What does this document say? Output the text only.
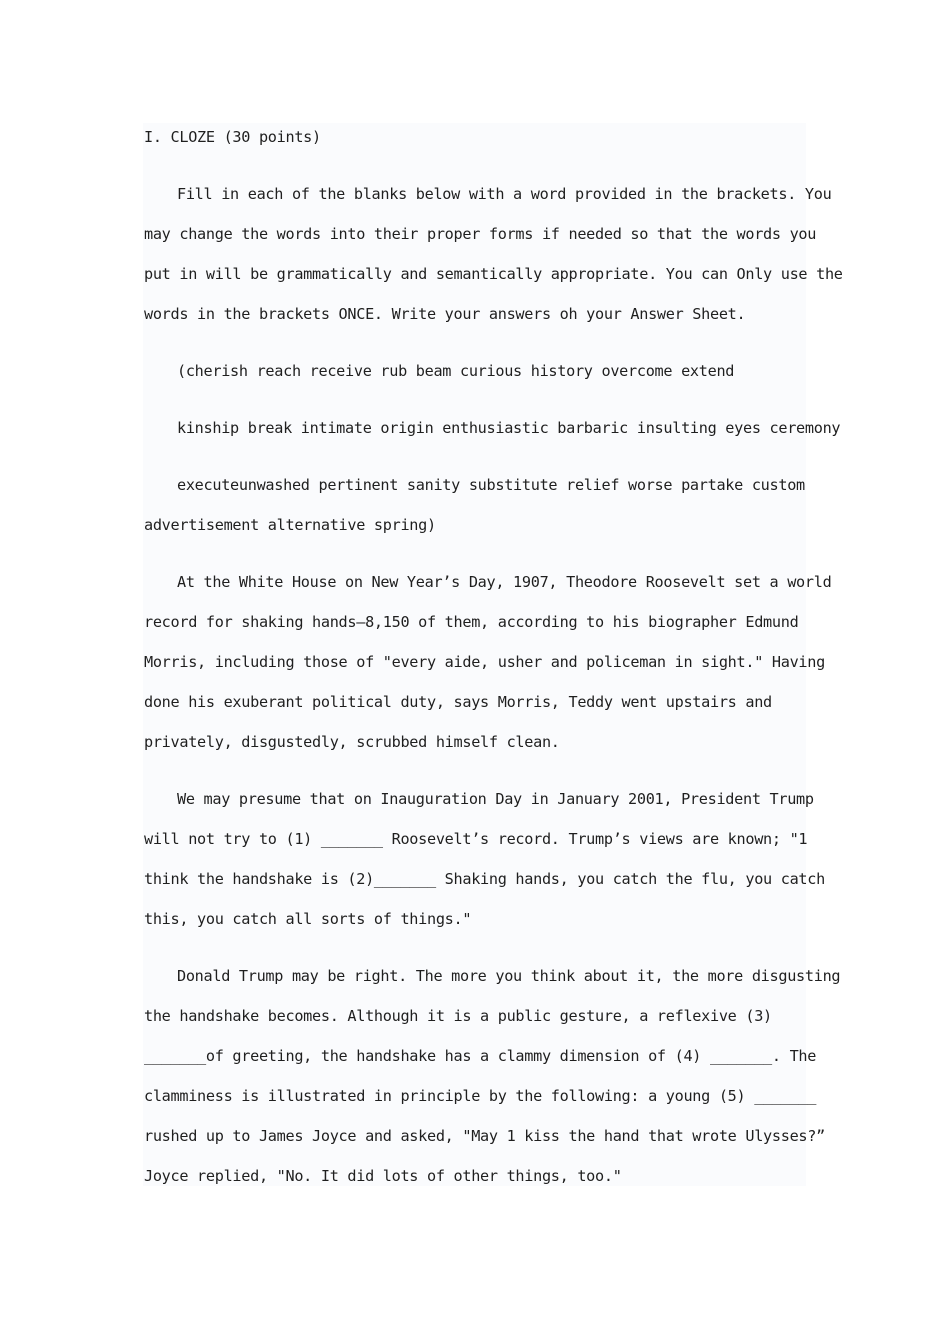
I. CLOZE (30 points)
Fill in each of the blanks below with a word provided in the brackets. You
may change the words into their proper forms if needed so that the words you
put in will be grammatically and semantically appropriate. You can Only use the
words in the brackets ONCE. Write your answers oh your Answer Sheet.
(cherish reach receive rub beam curious history overcome extend
kinship break intimate origin enthusiastic barbaric insulting eyes ceremony
executeunwashed pertinent sanity substitute relief worse partake custom
advertisement alternative spring)
At the White House on New Year’s Day, 1907, Theodore Roosevelt set a world
record for shaking hands—8,150 of them, according to his biographer Edmund
Morris, including those of "every aide, usher and policeman in sight." Having
done his exuberant political duty, says Morris, Teddy went upstairs and
privately, disgustedly, scrubbed himself clean.
We may presume that on Inauguration Day in January 2001, President Trump
will not try to (1) _______ Roosevelt’s record. Trump’s views are known; "1
think the handshake is (2)_______ Shaking hands, you catch the flu, you catch
this, you catch all sorts of things."
Donald Trump may be right. The more you think about it, the more disgusting
the handshake becomes. Although it is a public gesture, a reflexive (3)
_______of greeting, the handshake has a clammy dimension of (4) _______. The
clamminess is illustrated in principle by the following: a young (5) _______
rushed up to James Joyce and asked, "May 1 kiss the hand that wrote Ulysses?”
Joyce replied, "No. It did lots of other things, too."
